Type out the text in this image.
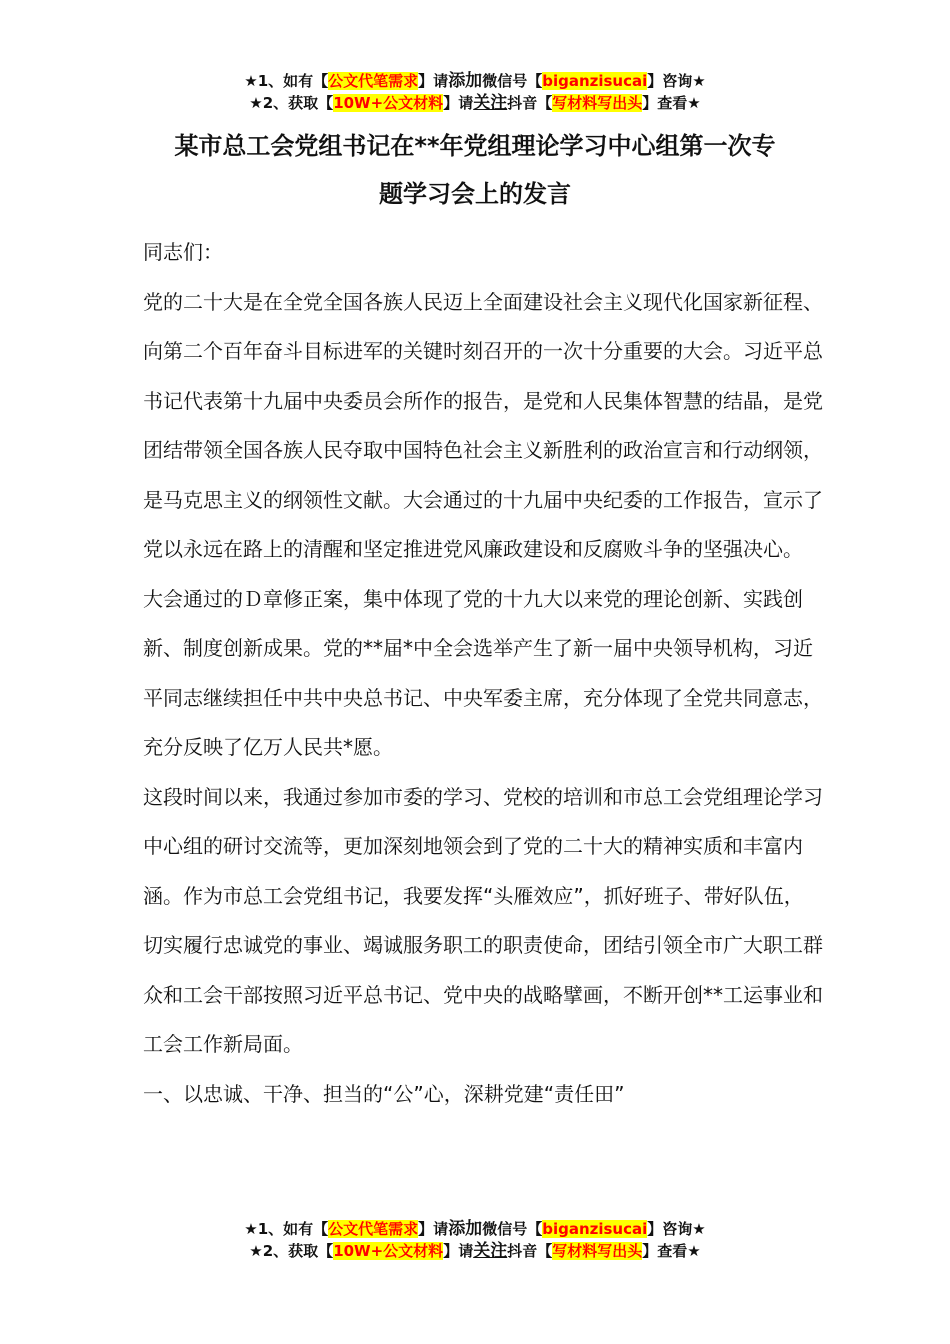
★1、如有【公文代笔需求】请添加微信号【biganzisucai】咨询★
★2、获取【10W+公文材料】请关注抖音【写材料写出头】查看★
某市总工会党组书记在**年党组理论学习中心组第一次专
题学习会上的发言

同志们：

党的二十大是在全党全国各族人民迈上全面建设社会主义现代化国家新征程、向第二个百年奋斗目标进军的关键时刻召开的一次十分重要的大会。习近平总书记代表第十九届中央委员会所作的报告，是党和人民集体智慧的结晶，是党团结带领全国各族人民夺取中国特色社会主义新胜利的政治宣言和行动纲领，是马克思主义的纲领性文献。大会通过的十九届中央纪委的工作报告，宣示了党以永远在路上的清醒和坚定推进党风廉政建设和反腐败斗争的坚强决心。

大会通过的Ｄ章修正案，集中体现了党的十九大以来党的理论创新、实践创新、制度创新成果。党的**届*中全会选举产生了新一届中央领导机构，习近平同志继续担任中共中央总书记、中央军委主席，充分体现了全党共同意志，充分反映了亿万人民共*愿。

这段时间以来，我通过参加市委的学习、党校的培训和市总工会党组理论学习中心组的研讨交流等，更加深刻地领会到了党的二十大的精神实质和丰富内涵。作为市总工会党组书记，我要发挥“头雁效应”，抓好班子、带好队伍，切实履行忠诚党的事业、竭诚服务职工的职责使命，团结引领全市广大职工群众和工会干部按照习近平总书记、党中央的战略擘画，不断开创**工运事业和工会工作新局面。

一、以忠诚、干净、担当的“公”心，深耕党建“责任田”

★1、如有【公文代笔需求】请添加微信号【biganzisucai】咨询★
★2、获取【10W+公文材料】请关注抖音【写材料写出头】查看★
